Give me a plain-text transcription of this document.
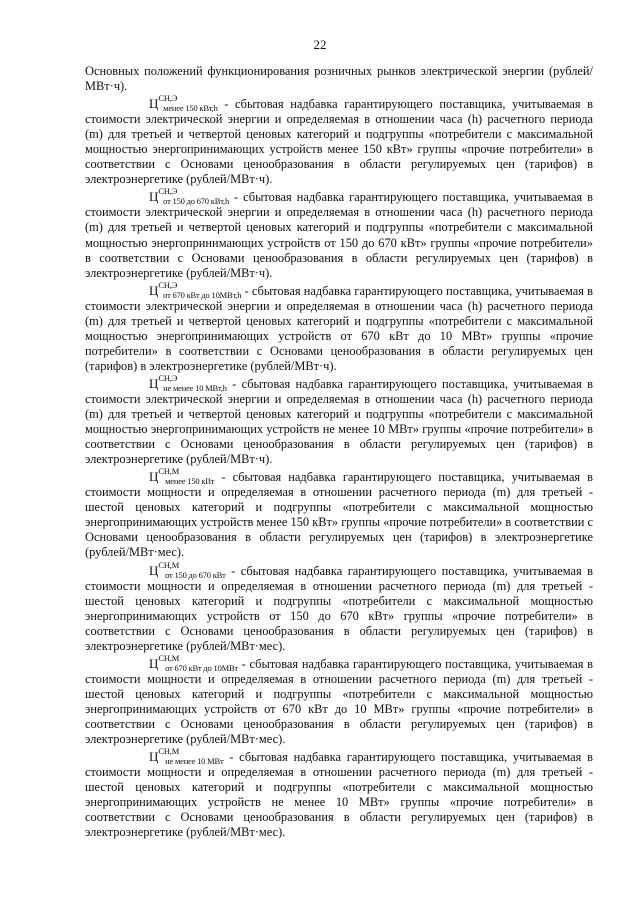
22

Основных положений функционирования розничных рынков электрической энергии (рублей/МВт·ч).

$Ц^{СН,Э}_{менее 150 кВт,h}$ - сбытовая надбавка гарантирующего поставщика, учитываемая в стоимости электрической энергии и определяемая в отношении часа (h) расчетного периода (m) для третьей и четвертой ценовых категорий и подгруппы «потребители с максимальной мощностью энергопринимающих устройств менее 150 кВт» группы «прочие потребители» в соответствии с Основами ценообразования в области регулируемых цен (тарифов) в электроэнергетике (рублей/МВт·ч).

$Ц^{СН,Э}_{от 150 до 670 кВт,h}$ - сбытовая надбавка гарантирующего поставщика, учитываемая в стоимости электрической энергии и определяемая в отношении часа (h) расчетного периода (m) для третьей и четвертой ценовых категорий и подгруппы «потребители с максимальной мощностью энергопринимающих устройств от 150 до 670 кВт» группы «прочие потребители» в соответствии с Основами ценообразования в области регулируемых цен (тарифов) в электроэнергетике (рублей/МВт·ч).

$Ц^{СН,Э}_{от 670 кВт до 10МВт,h}$ - сбытовая надбавка гарантирующего поставщика, учитываемая в стоимости электрической энергии и определяемая в отношении часа (h) расчетного периода (m) для третьей и четвертой ценовых категорий и подгруппы «потребители с максимальной мощностью энергопринимающих устройств от 670 кВт до 10 МВт» группы «прочие потребители» в соответствии с Основами ценообразования в области регулируемых цен (тарифов) в электроэнергетике (рублей/МВт·ч).

$Ц^{СН,Э}_{не менее 10 МВт,h}$ - сбытовая надбавка гарантирующего поставщика, учитываемая в стоимости электрической энергии и определяемая в отношении часа (h) расчетного периода (m) для третьей и четвертой ценовых категорий и подгруппы «потребители с максимальной мощностью энергопринимающих устройств не менее 10 МВт» группы «прочие потребители» в соответствии с Основами ценообразования в области регулируемых цен (тарифов) в электроэнергетике (рублей/МВт·ч).

$Ц^{СН,М}_{менее 150 кВт}$ - сбытовая надбавка гарантирующего поставщика, учитываемая в стоимости мощности и определяемая в отношении расчетного периода (m) для третьей - шестой ценовых категорий и подгруппы «потребители с максимальной мощностью энергопринимающих устройств менее 150 кВт» группы «прочие потребители» в соответствии с Основами ценообразования в области регулируемых цен (тарифов) в электроэнергетике (рублей/МВт·мес).

$Ц^{СН,М}_{от 150 до 670 кВт}$ - сбытовая надбавка гарантирующего поставщика, учитываемая в стоимости мощности и определяемая в отношении расчетного периода (m) для третьей - шестой ценовых категорий и подгруппы «потребители с максимальной мощностью энергопринимающих устройств от 150 до 670 кВт» группы «прочие потребители» в соответствии с Основами ценообразования в области регулируемых цен (тарифов) в электроэнергетике (рублей/МВт·мес).

$Ц^{СН,М}_{от 670 кВт до 10МВт}$ - сбытовая надбавка гарантирующего поставщика, учитываемая в стоимости мощности и определяемая в отношении расчетного периода (m) для третьей - шестой ценовых категорий и подгруппы «потребители с максимальной мощностью энергопринимающих устройств от 670 кВт до 10 МВт» группы «прочие потребители» в соответствии с Основами ценообразования в области регулируемых цен (тарифов) в электроэнергетике (рублей/МВт·мес).

$Ц^{СН,М}_{не менее 10 МВт}$ - сбытовая надбавка гарантирующего поставщика, учитываемая в стоимости мощности и определяемая в отношении расчетного периода (m) для третьей - шестой ценовых категорий и подгруппы «потребители с максимальной мощностью энергопринимающих устройств не менее 10 МВт» группы «прочие потребители» в соответствии с Основами ценообразования в области регулируемых цен (тарифов) в электроэнергетике (рублей/МВт·мес).
